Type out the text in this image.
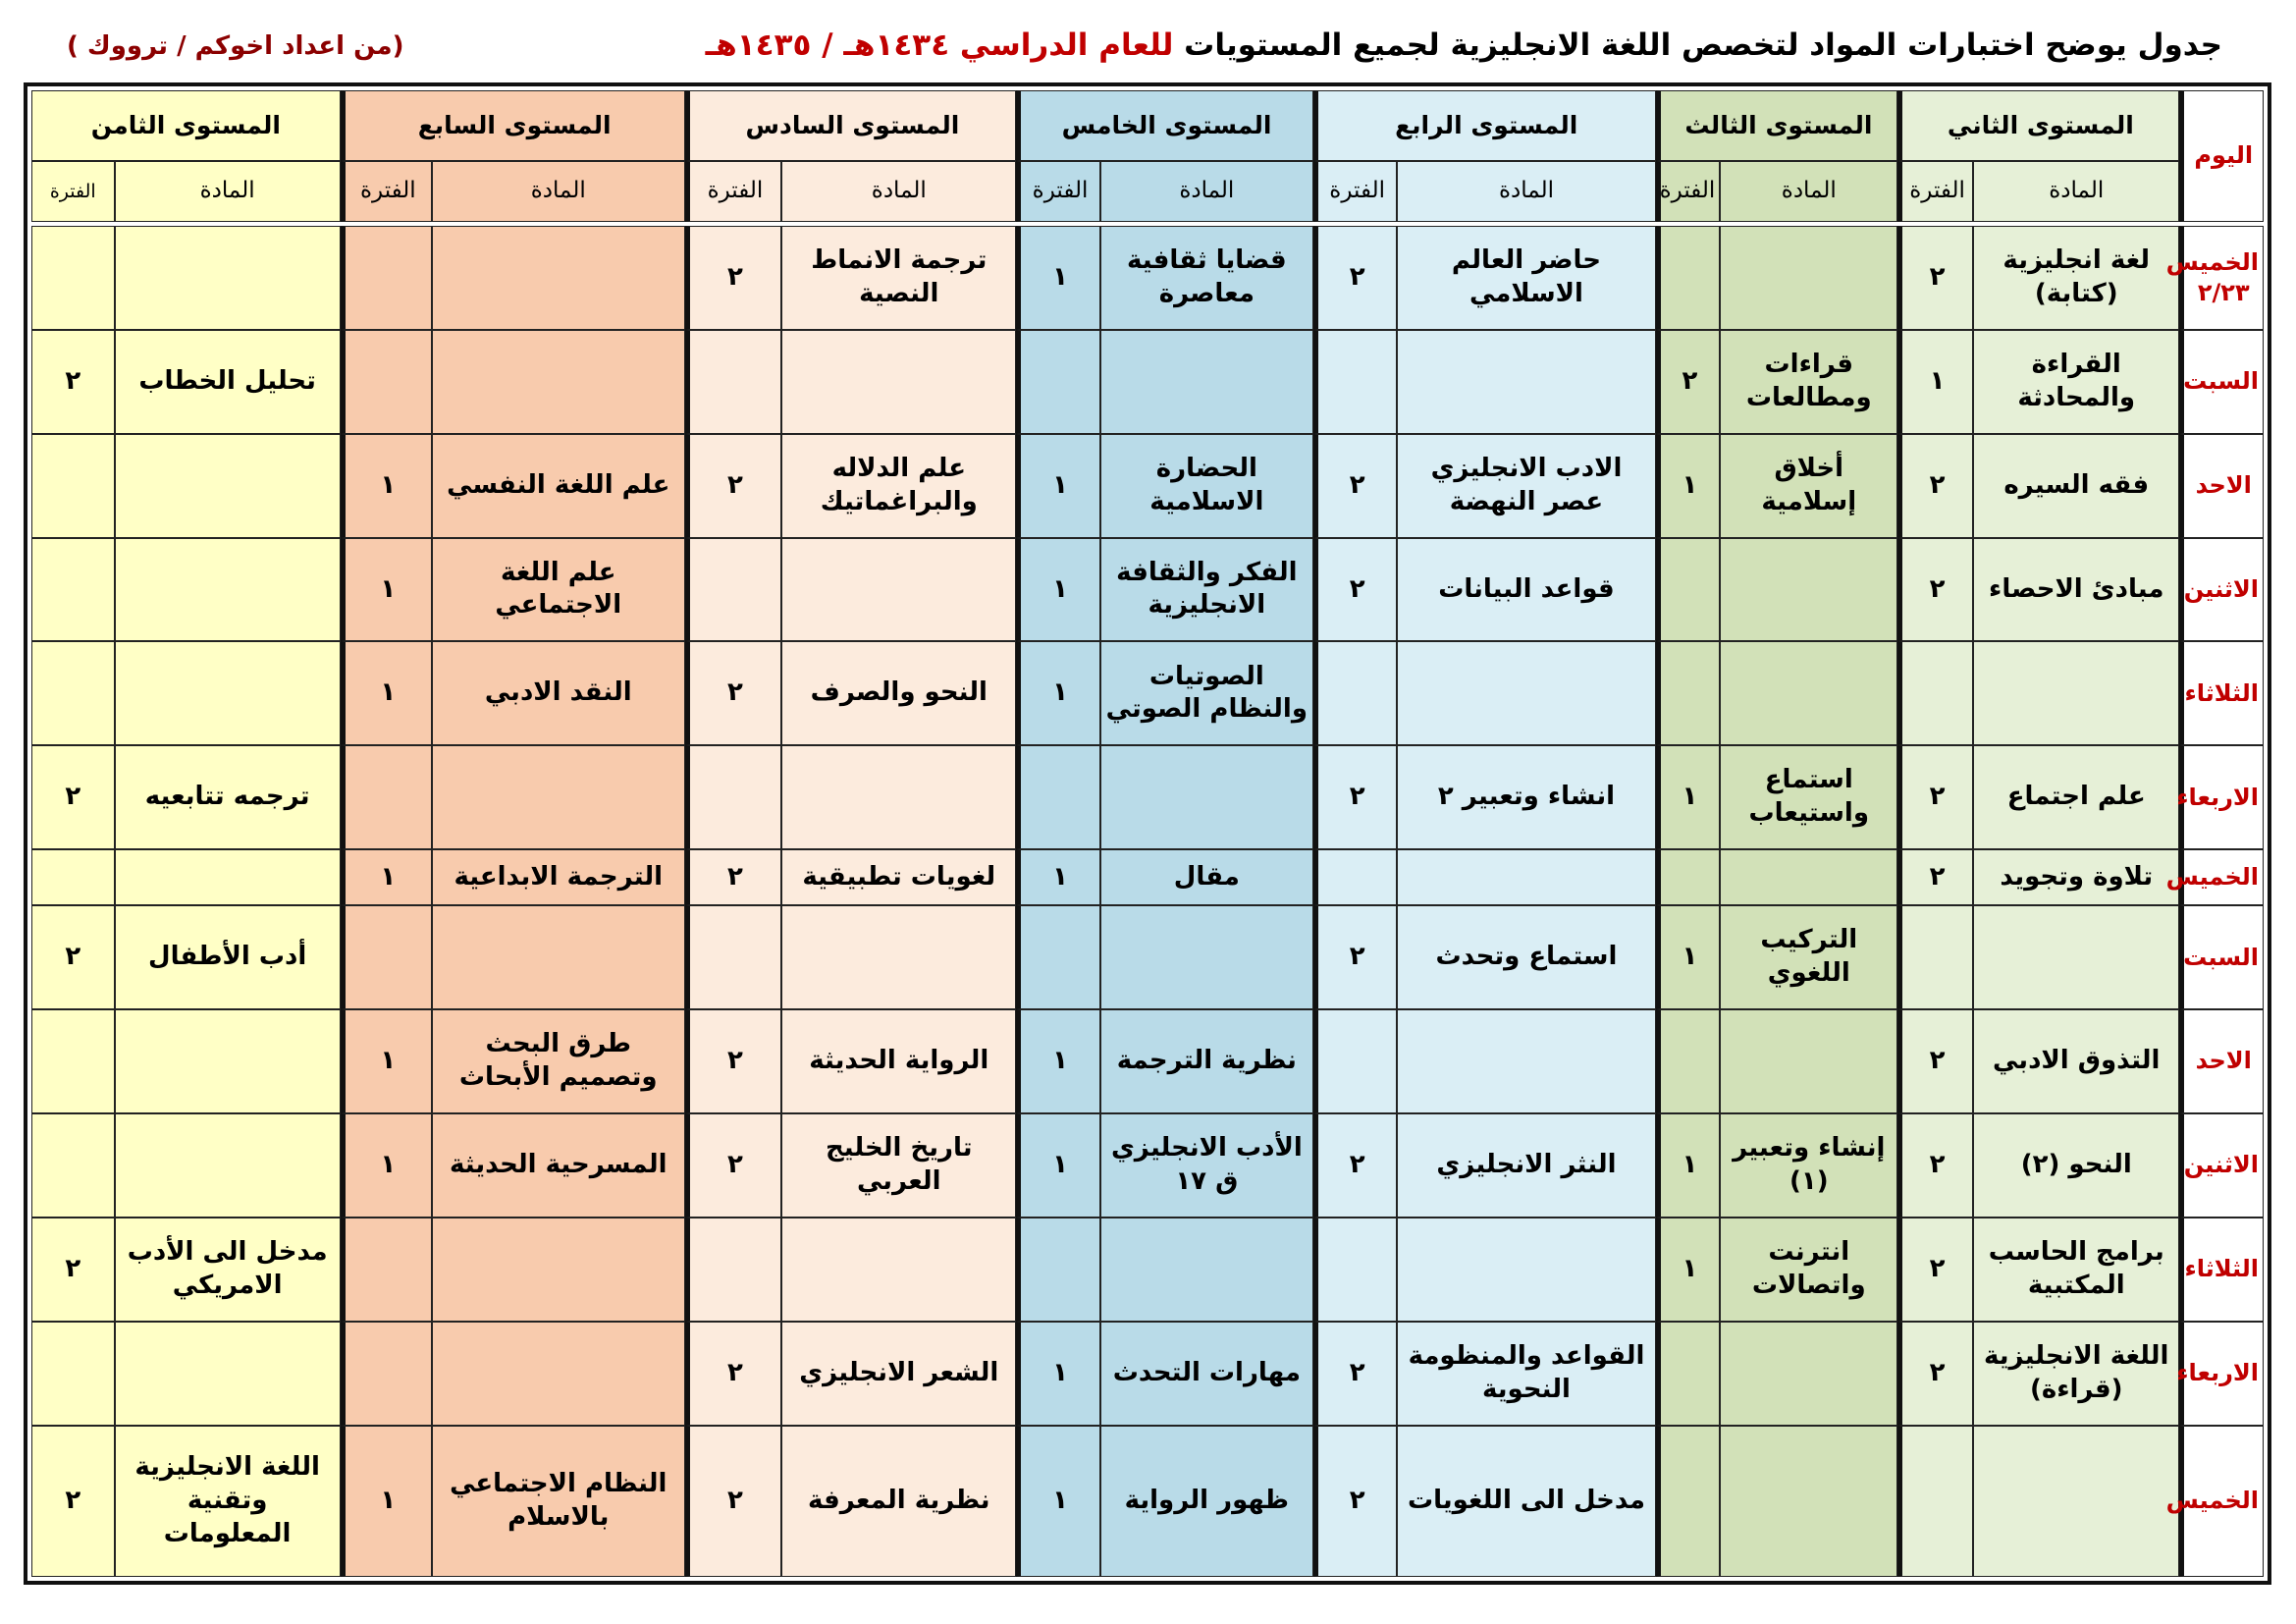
جدول يوضح اختبارات المواد لتخصص اللغة الانجليزية لجميع المستويات للعام الدراسي ١٤٣٤هـ / ١٤٣٥هـ
(من اعداد اخوكم / ترووك )
اليوم	المستوى الثاني		المستوى الثالث		المستوى الرابع		المستوى الخامس		المستوى السادس		المستوى السابع		المستوى الثامن	
	المادة	الفترة	المادة	الفترة	المادة	الفترة	المادة	الفترة	المادة	الفترة	المادة	الفترة	المادة	الفترة

الخميس ٢/٢٣	لغة انجليزية (كتابة)	٢			حاضر العالم الاسلامي	٢	قضايا ثقافية معاصرة	١	ترجمة الانماط النصية	٢				
السبت	القراءة والمحادثة	١	قراءات ومطالعات	٢									تحليل الخطاب	٢
الاحد	فقه السيره	٢	أخلاق إسلامية	١	الادب الانجليزي عصر النهضة	٢	الحضارة الاسلامية	١	علم الدلاله والبراغماتيك	٢	علم اللغة النفسي	١		
الاثنين	مبادئ الاحصاء	٢			قواعد البيانات	٢	الفكر والثقافة الانجليزية	١			علم اللغة الاجتماعي	١		
الثلاثاء							الصوتيات والنظام الصوتي	١	النحو والصرف	٢	النقد الادبي	١		
الاربعاء	علم اجتماع	٢	استماع واستيعاب	١	انشاء وتعبير ٢	٢							ترجمه تتابعيه	٢
الخميس	تلاوة وتجويد	٢					مقال	١	لغويات تطبيقية	٢	الترجمة الابداعية	١		
السبت			التركيب اللغوي	١	استماع وتحدث	٢							أدب الأطفال	٢
الاحد	التذوق الادبي	٢					نظرية الترجمة	١	الرواية الحديثة	٢	طرق البحث وتصميم الأبحاث	١		
الاثنين	النحو (٢)	٢	إنشاء وتعبير (١)	١	النثر الانجليزي	٢	الأدب الانجليزي ق ١٧	١	تاريخ الخليج العربي	٢	المسرحية الحديثة	١		
الثلاثاء	برامج الحاسب المكتبية	٢	انترنت واتصالات	١									مدخل الى الأدب الامريكي	٢
الاربعاء	اللغة الانجليزية (قراءة)	٢			القواعد والمنظومة النحوية	٢	مهارات التحدث	١	الشعر الانجليزي	٢				
الخميس					مدخل الى اللغويات	٢	ظهور الرواية	١	نظرية المعرفة	٢	النظام الاجتماعي بالاسلام	١	اللغة الانجليزية وتقنية المعلومات	٢
